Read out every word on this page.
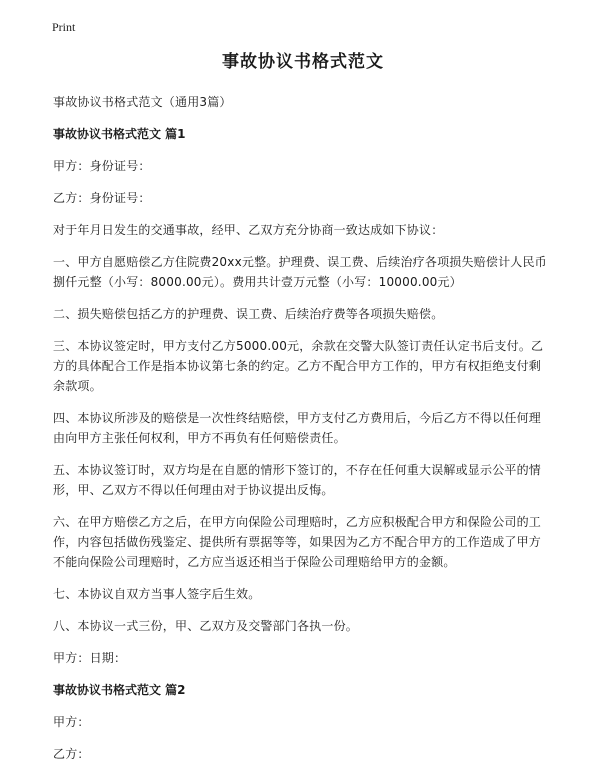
Print
事故协议书格式范文
事故协议书格式范文（通用3篇）
事故协议书格式范文 篇1
甲方：身份证号：
乙方：身份证号：
对于年月日发生的交通事故，经甲、乙双方充分协商一致达成如下协议：
一、甲方自愿赔偿乙方住院费20xx元整。护理费、误工费、后续治疗各项损失赔偿计人民币捌仟元整（小写：8000.00元）。费用共计壹万元整（小写：10000.00元）
二、损失赔偿包括乙方的护理费、误工费、后续治疗费等各项损失赔偿。
三、本协议签定时，甲方支付乙方5000.00元，余款在交警大队签订责任认定书后支付。乙方的具体配合工作是指本协议第七条的约定。乙方不配合甲方工作的，甲方有权拒绝支付剩余款项。
四、本协议所涉及的赔偿是一次性终结赔偿，甲方支付乙方费用后，今后乙方不得以任何理由向甲方主张任何权利，甲方不再负有任何赔偿责任。
五、本协议签订时，双方均是在自愿的情形下签订的，不存在任何重大误解或显示公平的情形，甲、乙双方不得以任何理由对于协议提出反悔。
六、在甲方赔偿乙方之后，在甲方向保险公司理赔时，乙方应积极配合甲方和保险公司的工作，内容包括做伤残鉴定、提供所有票据等等，如果因为乙方不配合甲方的工作造成了甲方不能向保险公司理赔时，乙方应当返还相当于保险公司理赔给甲方的金额。
七、本协议自双方当事人签字后生效。
八、本协议一式三份，甲、乙双方及交警部门各执一份。
甲方：日期：
事故协议书格式范文 篇2
甲方：
乙方：
